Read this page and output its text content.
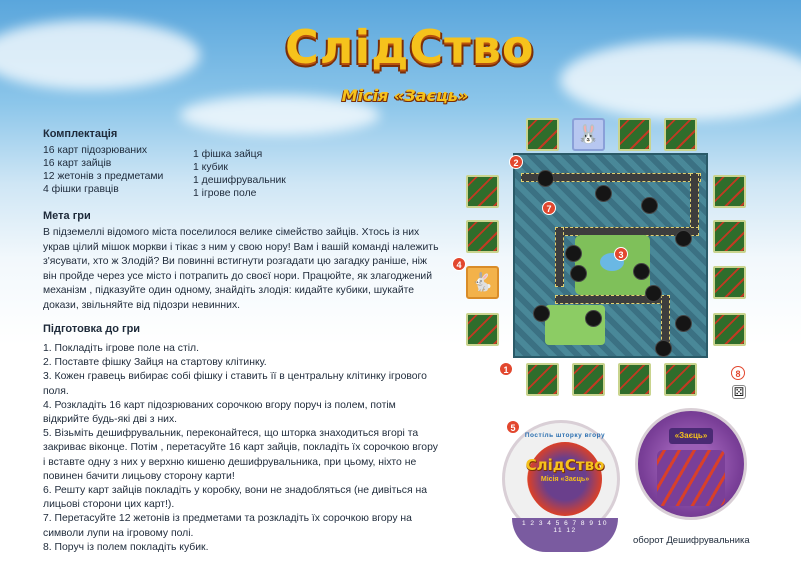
СлідСтво
Місія «Заєць»
Комплектація
16 карт підозрюваних
16 карт зайців
12 жетонів з предметами
4 фішки гравців
1 фішка зайця
1 кубик
1 дешифрувальник
1 ігрове поле
Мета гри

В підземеллі відомого міста поселилося велике сімейство зайців. Хтось із них украв цілий мішок моркви і тікає з ним у свою нору! Вам і вашій команді належить з'ясувати, хто ж Злодій? Ви повинні встигнути розгадати цю загадку раніше, ніж він пройде через усе місто і потрапить до своєї нори. Працюйте, як злагоджений механізм , підказуйте один одному, знайдіть злодія: кидайте кубики, шукайте докази, звільняйте від підозри невинних.

Підготовка до гри
1. Покладіть ігрове поле на стіл.
2. Поставте фішку Зайця на стартову клітинку.
3. Кожен гравець вибирає собі фішку і ставить її в центральну клітинку ігрового поля.
4. Розкладіть 16 карт підозрюваних сорочкою вгору поруч із полем, потім відкрийте будь-які дві з них.
5. Візьміть дешифрувальник, переконайтеся, що шторка знаходиться вгорі та закриває віконце. Потім , перетасуйте 16 карт зайців, покладіть їх сорочкою вгору і вставте одну з них у верхню кишеню дешифрувальника, при цьому, ніхто не повинен бачити лицьову сторону карти!
6. Решту карт зайців покладіть у коробку, вони не знадобляться (не дивіться на лицьові сторони цих карт!).
7. Перетасуйте 12 жетонів із предметами та розкладіть їх сорочкою вгору на символи лупи на ігровому полі.
8. Поруч із полем покладіть кубик.
🐰
🐇
⚄
1
2
3
4
5
7
8
Постíль шторку вгору
СлідСтво
Місія «Заєць»
1 2 3 4 5 6 7 8 9 10 11 12
«Заєць»
оборот Дешифрувальника
